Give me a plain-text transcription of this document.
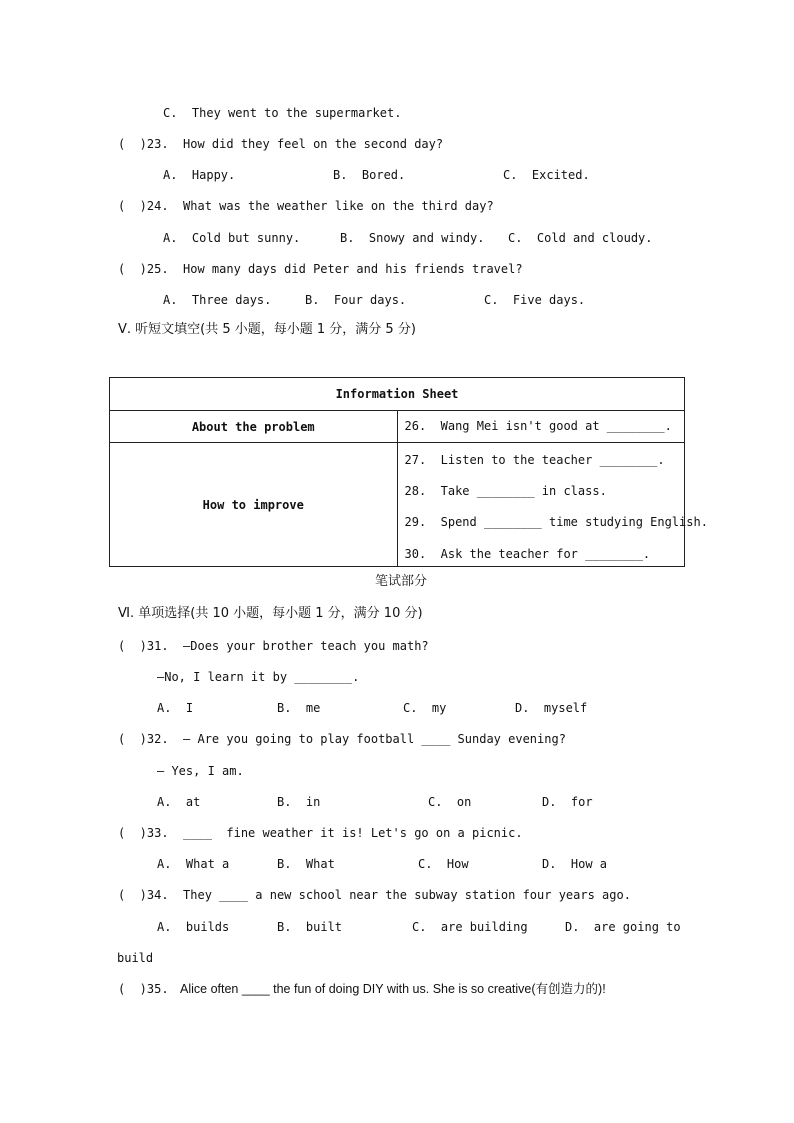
C.  They went to the supermarket.
(  )23.  How did they feel on the second day?
A.  Happy.	B.  Bored.	C.  Excited.
(  )24.  What was the weather like on the third day?
A.  Cold but sunny.	B.  Snowy and windy. C.  Cold and cloudy.
(  )25.  How many days did Peter and his friends travel?
A.  Three days.	B.  Four days.	C.  Five days.
Ⅴ. 听短文填空(共 5 小题，每小题 1 分，满分 5 分)
Information Sheet	
About the problem	26.  Wang Mei isn't good at ________.

How to improve	27.  Listen to the teacher ________.
28.  Take ________ in class.
29.  Spend ________ time studying English.
30.  Ask the teacher for ________.
笔试部分
Ⅵ. 单项选择(共 10 小题，每小题 1 分，满分 10 分)
(  )31.  —Does your brother teach you math?
—No, I learn it by ________.
A.  I	B.  me	C.  my	D.  myself
(  )32.  — Are you going to play football ____ Sunday evening?
— Yes, I am.
A.  at	B.  in	C.  on	D.  for
(  )33.  ____  fine weather it is! Let's go on a picnic.
A.  What a	B.  What	C.  How	D.  How a
(  )34.  They ____ a new school near the subway station four years ago.
A.  builds	B.  built	C.  are building	D.  are going to
build
(  )35. Alice often ____ the fun of doing DIY with us. She is so creative(有创造力的)!
